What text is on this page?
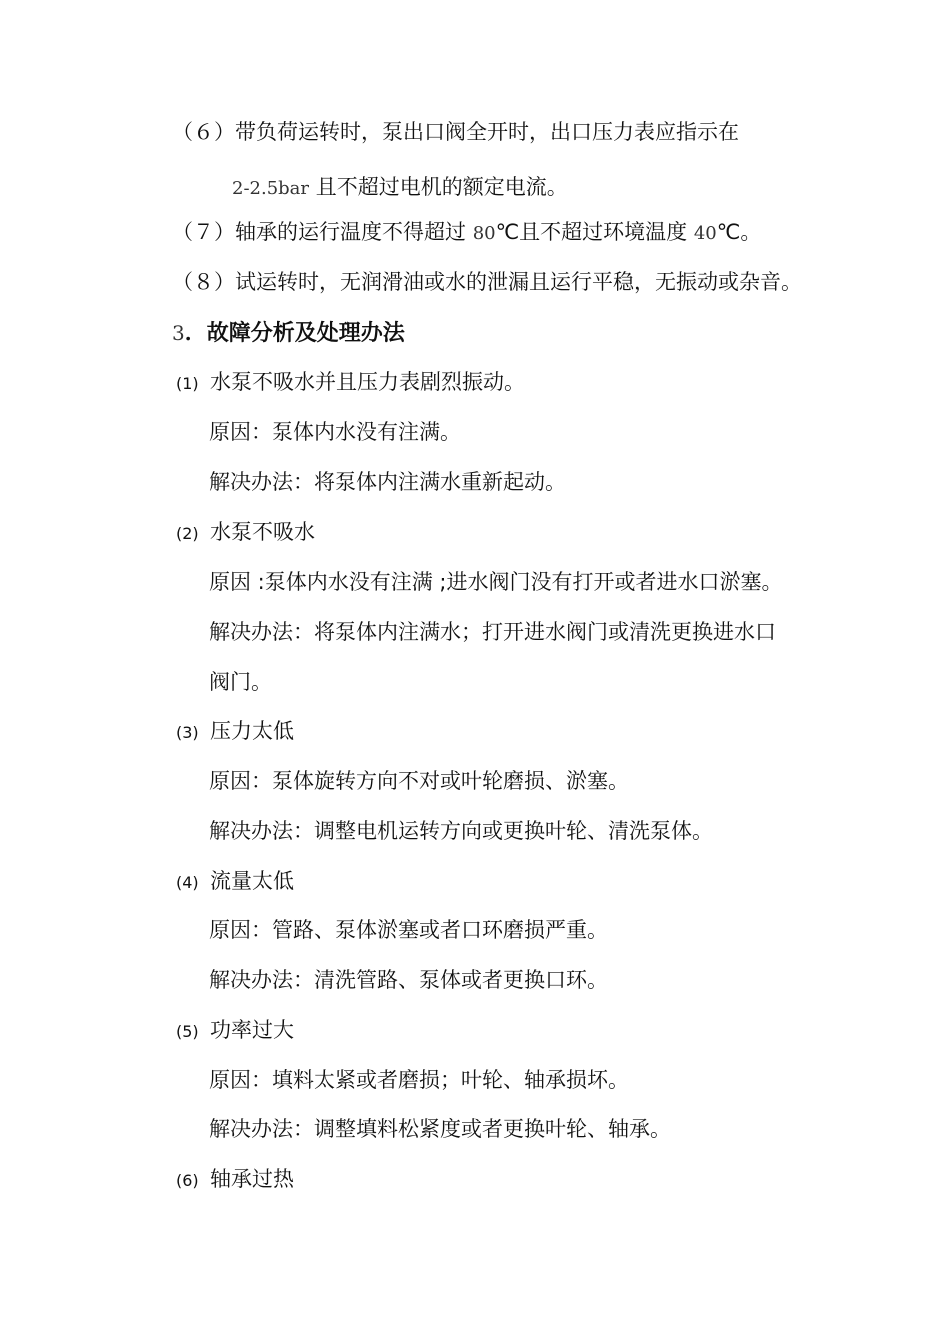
（６）带负荷运转时，泵出口阀全开时，出口压力表应指示在
2-2.5bar 且不超过电机的额定电流。
（７）轴承的运行温度不得超过 80℃且不超过环境温度 40℃。
（８）试运转时，无润滑油或水的泄漏且运行平稳，无振动或杂音。
3．故障分析及处理办法
(1) 水泵不吸水并且压力表剧烈振动。
原因：泵体内水没有注满。
解决办法：将泵体内注满水重新起动。
(2) 水泵不吸水
原因 :泵体内水没有注满 ;进水阀门没有打开或者进水口淤塞。
解决办法：将泵体内注满水；打开进水阀门或清洗更换进水口
阀门。
(3) 压力太低
原因：泵体旋转方向不对或叶轮磨损、淤塞。
解决办法：调整电机运转方向或更换叶轮、清洗泵体。
(4) 流量太低
原因：管路、泵体淤塞或者口环磨损严重。
解决办法：清洗管路、泵体或者更换口环。
(5) 功率过大
原因：填料太紧或者磨损；叶轮、轴承损坏。
解决办法：调整填料松紧度或者更换叶轮、轴承。
(6) 轴承过热
